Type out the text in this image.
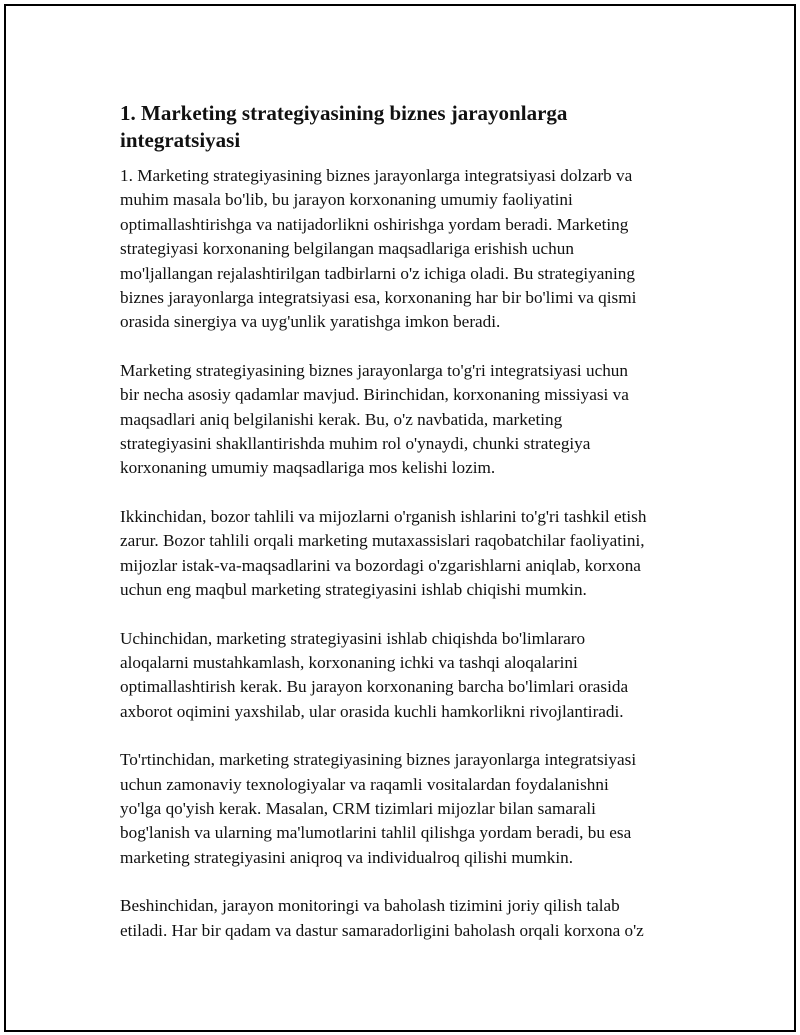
1. Marketing strategiyasining biznes jarayonlarga
integratsiyasi

1. Marketing strategiyasining biznes jarayonlarga integratsiyasi dolzarb va
muhim masala bo'lib, bu jarayon korxonaning umumiy faoliyatini
optimallashtirishga va natijadorlikni oshirishga yordam beradi. Marketing
strategiyasi korxonaning belgilangan maqsadlariga erishish uchun
mo'ljallangan rejalashtirilgan tadbirlarni o'z ichiga oladi. Bu strategiyaning
biznes jarayonlarga integratsiyasi esa, korxonaning har bir bo'limi va qismi
orasida sinergiya va uyg'unlik yaratishga imkon beradi.

Marketing strategiyasining biznes jarayonlarga to'g'ri integratsiyasi uchun
bir necha asosiy qadamlar mavjud. Birinchidan, korxonaning missiyasi va
maqsadlari aniq belgilanishi kerak. Bu, o'z navbatida, marketing
strategiyasini shakllantirishda muhim rol o'ynaydi, chunki strategiya
korxonaning umumiy maqsadlariga mos kelishi lozim.

Ikkinchidan, bozor tahlili va mijozlarni o'rganish ishlarini to'g'ri tashkil etish
zarur. Bozor tahlili orqali marketing mutaxassislari raqobatchilar faoliyatini,
mijozlar istak-va-maqsadlarini va bozordagi o'zgarishlarni aniqlab, korxona
uchun eng maqbul marketing strategiyasini ishlab chiqishi mumkin.

Uchinchidan, marketing strategiyasini ishlab chiqishda bo'limlararo
aloqalarni mustahkamlash, korxonaning ichki va tashqi aloqalarini
optimallashtirish kerak. Bu jarayon korxonaning barcha bo'limlari orasida
axborot oqimini yaxshilab, ular orasida kuchli hamkorlikni rivojlantiradi.

To'rtinchidan, marketing strategiyasining biznes jarayonlarga integratsiyasi
uchun zamonaviy texnologiyalar va raqamli vositalardan foydalanishni
yo'lga qo'yish kerak. Masalan, CRM tizimlari mijozlar bilan samarali
bog'lanish va ularning ma'lumotlarini tahlil qilishga yordam beradi, bu esa
marketing strategiyasini aniqroq va individualroq qilishi mumkin.

Beshinchidan, jarayon monitoringi va baholash tizimini joriy qilish talab
etiladi. Har bir qadam va dastur samaradorligini baholash orqali korxona o'z
